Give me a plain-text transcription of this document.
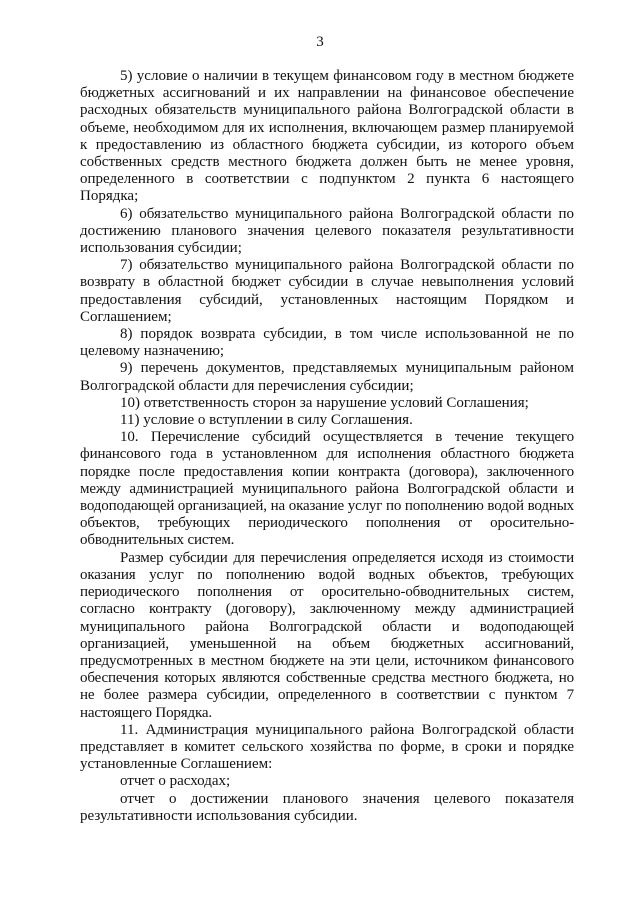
3

5) условие о наличии в текущем финансовом году в местном бюджете бюджетных ассигнований и их направлении на финансовое обеспечение расходных обязательств муниципального района Волгоградской области в объеме, необходимом для их исполнения, включающем размер планируемой к предоставлению из областного бюджета субсидии, из которого объем собственных средств местного бюджета должен быть не менее уровня, определенного в соответствии с подпунктом 2 пункта 6 настоящего Порядка;

6) обязательство муниципального района Волгоградской области по достижению планового значения целевого показателя результативности использования субсидии;

7) обязательство муниципального района Волгоградской области по возврату в областной бюджет субсидии в случае невыполнения условий предоставления субсидий, установленных настоящим Порядком и Соглашением;

8) порядок возврата субсидии, в том числе использованной не по целевому назначению;

9) перечень документов, представляемых муниципальным районом Волгоградской области для перечисления субсидии;

10) ответственность сторон за нарушение условий Соглашения;

11) условие о вступлении в силу Соглашения.

10. Перечисление субсидий осуществляется в течение текущего финансового года в установленном для исполнения областного бюджета порядке после предоставления копии контракта (договора), заключенного между администрацией муниципального района Волгоградской области и водоподающей организацией, на оказание услуг по пополнению водой водных объектов, требующих периодического пополнения от оросительно-обводнительных систем.

Размер субсидии для перечисления определяется исходя из стоимости оказания услуг по пополнению водой водных объектов, требующих периодического пополнения от оросительно-обводнительных систем, согласно контракту (договору), заключенному между администрацией муниципального района Волгоградской области и водоподающей организацией, уменьшенной на объем бюджетных ассигнований, предусмотренных в местном бюджете на эти цели, источником финансового обеспечения которых являются собственные средства местного бюджета, но не более размера субсидии, определенного в соответствии с пунктом 7 настоящего Порядка.

11. Администрация муниципального района Волгоградской области представляет в комитет сельского хозяйства по форме, в сроки и порядке установленные Соглашением:

отчет о расходах;

отчет о достижении планового значения целевого показателя результативности использования субсидии.
